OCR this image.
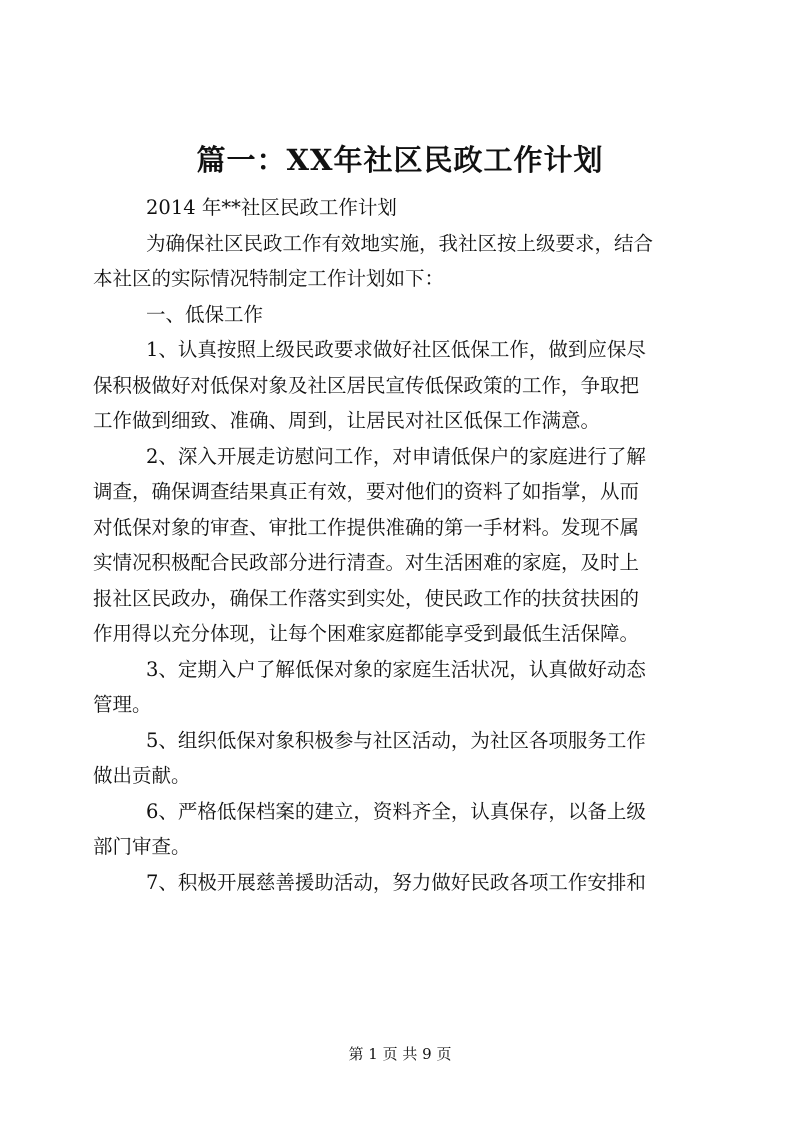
篇一：XX年社区民政工作计划
2014 年**社区民政工作计划
为确保社区民政工作有效地实施，我社区按上级要求，结合
本社区的实际情况特制定工作计划如下：
一、低保工作
1、认真按照上级民政要求做好社区低保工作，做到应保尽
保积极做好对低保对象及社区居民宣传低保政策的工作，争取把
工作做到细致、准确、周到，让居民对社区低保工作满意。
2、深入开展走访慰问工作，对申请低保户的家庭进行了解
调查，确保调查结果真正有效，要对他们的资料了如指掌，从而
对低保对象的审查、审批工作提供准确的第一手材料。发现不属
实情况积极配合民政部分进行清查。对生活困难的家庭，及时上
报社区民政办，确保工作落实到实处，使民政工作的扶贫扶困的
作用得以充分体现，让每个困难家庭都能享受到最低生活保障。
3、定期入户了解低保对象的家庭生活状况，认真做好动态
管理。
5、组织低保对象积极参与社区活动，为社区各项服务工作
做出贡献。
6、严格低保档案的建立，资料齐全，认真保存，以备上级
部门审查。
7、积极开展慈善援助活动，努力做好民政各项工作安排和
第 1 页 共 9 页
